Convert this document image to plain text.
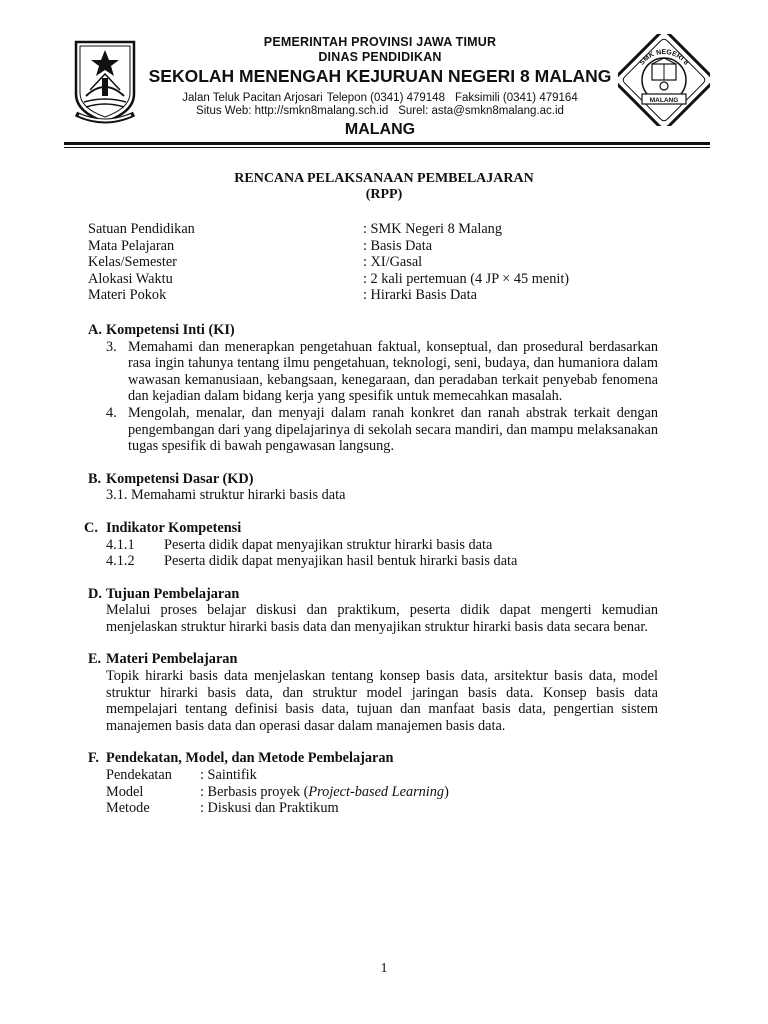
PEMERINTAH PROVINSI JAWA TIMUR
DINAS PENDIDIKAN
SEKOLAH MENENGAH KEJURUAN NEGERI 8 MALANG
Jalan Teluk Pacitan Arjosari Telepon (0341) 479148 Faksimili (0341) 479164
Situs Web: http://smkn8malang.sch.id Surel: asta@smkn8malang.ac.id
MALANG
SMK NEGERI 8
MALANG
RENCANA PELAKSANAAN PEMBELAJARAN
(RPP)
Satuan Pendidikan	: SMK Negeri 8 Malang
Mata Pelajaran	: Basis Data
Kelas/Semester	: XI/Gasal
Alokasi Waktu	: 2 kali pertemuan (4 JP × 45 menit)
Materi Pokok	: Hirarki Basis Data
A. Kompetensi Inti (KI)
3. Memahami dan menerapkan pengetahuan faktual, konseptual, dan prosedural berdasarkan rasa ingin tahunya tentang ilmu pengetahuan, teknologi, seni, budaya, dan humaniora dalam wawasan kemanusiaan, kebangsaan, kenegaraan, dan peradaban terkait penyebab fenomena dan kejadian dalam bidang kerja yang spesifik untuk memecahkan masalah.
4. Mengolah, menalar, dan menyaji dalam ranah konkret dan ranah abstrak terkait dengan pengembangan dari yang dipelajarinya di sekolah secara mandiri, dan mampu melaksanakan tugas spesifik di bawah pengawasan langsung.
B. Kompetensi Dasar (KD)
3.1. Memahami struktur hirarki basis data
C. Indikator Kompetensi
4.1.1	Peserta didik dapat menyajikan struktur hirarki basis data
4.1.2	Peserta didik dapat menyajikan hasil bentuk hirarki basis data
D. Tujuan Pembelajaran
Melalui proses belajar diskusi dan praktikum, peserta didik dapat mengerti kemudian menjelaskan struktur hirarki basis data dan menyajikan struktur hirarki basis data secara benar.
E. Materi Pembelajaran
Topik hirarki basis data menjelaskan tentang konsep basis data, arsitektur basis data, model struktur hirarki basis data, dan struktur model jaringan basis data. Konsep basis data mempelajari tentang definisi basis data, tujuan dan manfaat basis data, pengertian sistem manajemen basis data dan operasi dasar dalam manajemen basis data.
F. Pendekatan, Model, dan Metode Pembelajaran
Pendekatan	: Saintifik
Model	: Berbasis proyek (Project-based Learning)
Metode	: Diskusi dan Praktikum
1
